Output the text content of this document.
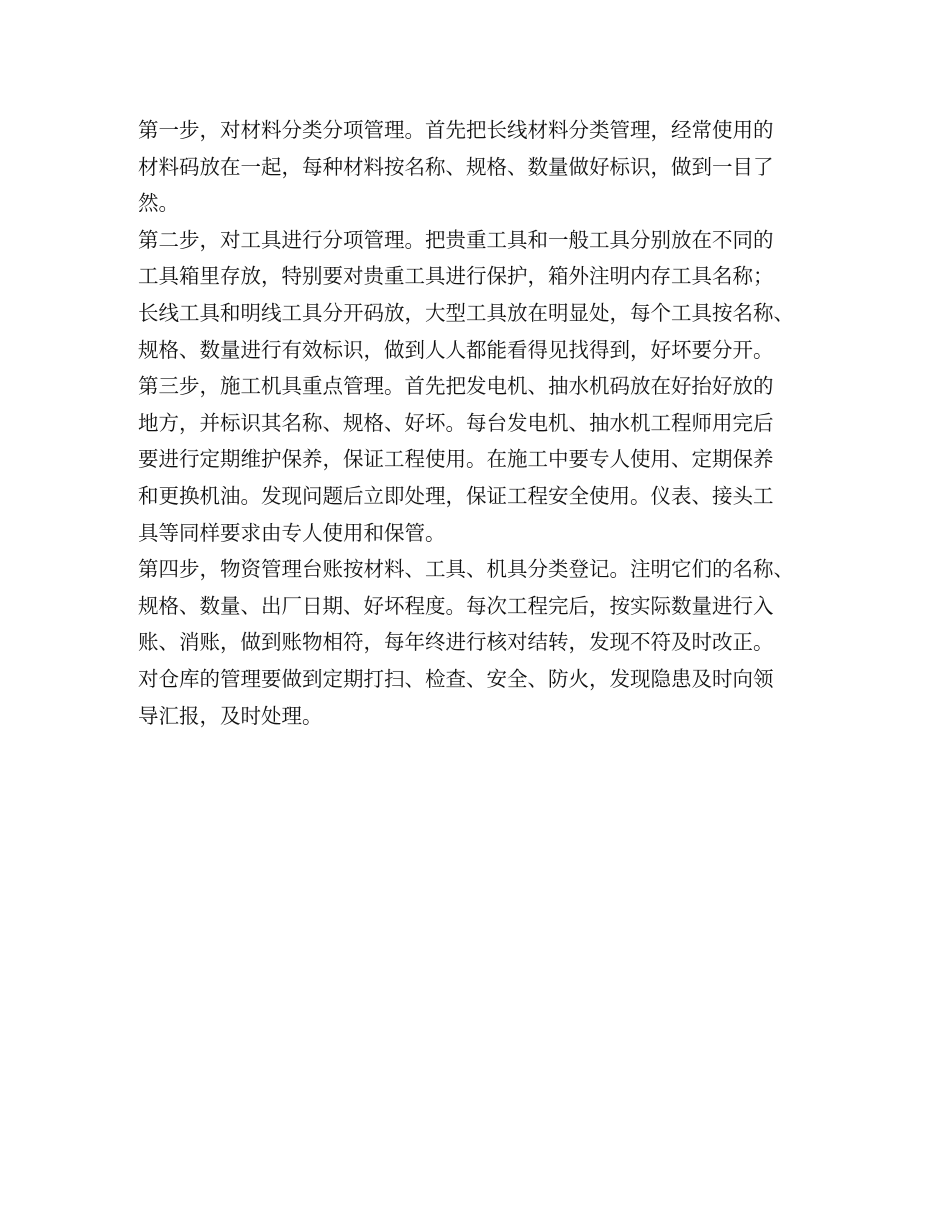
第一步，对材料分类分项管理。首先把长线材料分类管理，经常使用的
材料码放在一起，每种材料按名称、规格、数量做好标识，做到一目了
然。
第二步，对工具进行分项管理。把贵重工具和一般工具分别放在不同的
工具箱里存放，特别要对贵重工具进行保护，箱外注明内存工具名称；
长线工具和明线工具分开码放，大型工具放在明显处，每个工具按名称、
规格、数量进行有效标识，做到人人都能看得见找得到，好坏要分开。
第三步，施工机具重点管理。首先把发电机、抽水机码放在好抬好放的
地方，并标识其名称、规格、好坏。每台发电机、抽水机工程师用完后
要进行定期维护保养，保证工程使用。在施工中要专人使用、定期保养
和更换机油。发现问题后立即处理，保证工程安全使用。仪表、接头工
具等同样要求由专人使用和保管。
第四步，物资管理台账按材料、工具、机具分类登记。注明它们的名称、
规格、数量、出厂日期、好坏程度。每次工程完后，按实际数量进行入
账、消账，做到账物相符，每年终进行核对结转，发现不符及时改正。
对仓库的管理要做到定期打扫、检查、安全、防火，发现隐患及时向领
导汇报，及时处理。
